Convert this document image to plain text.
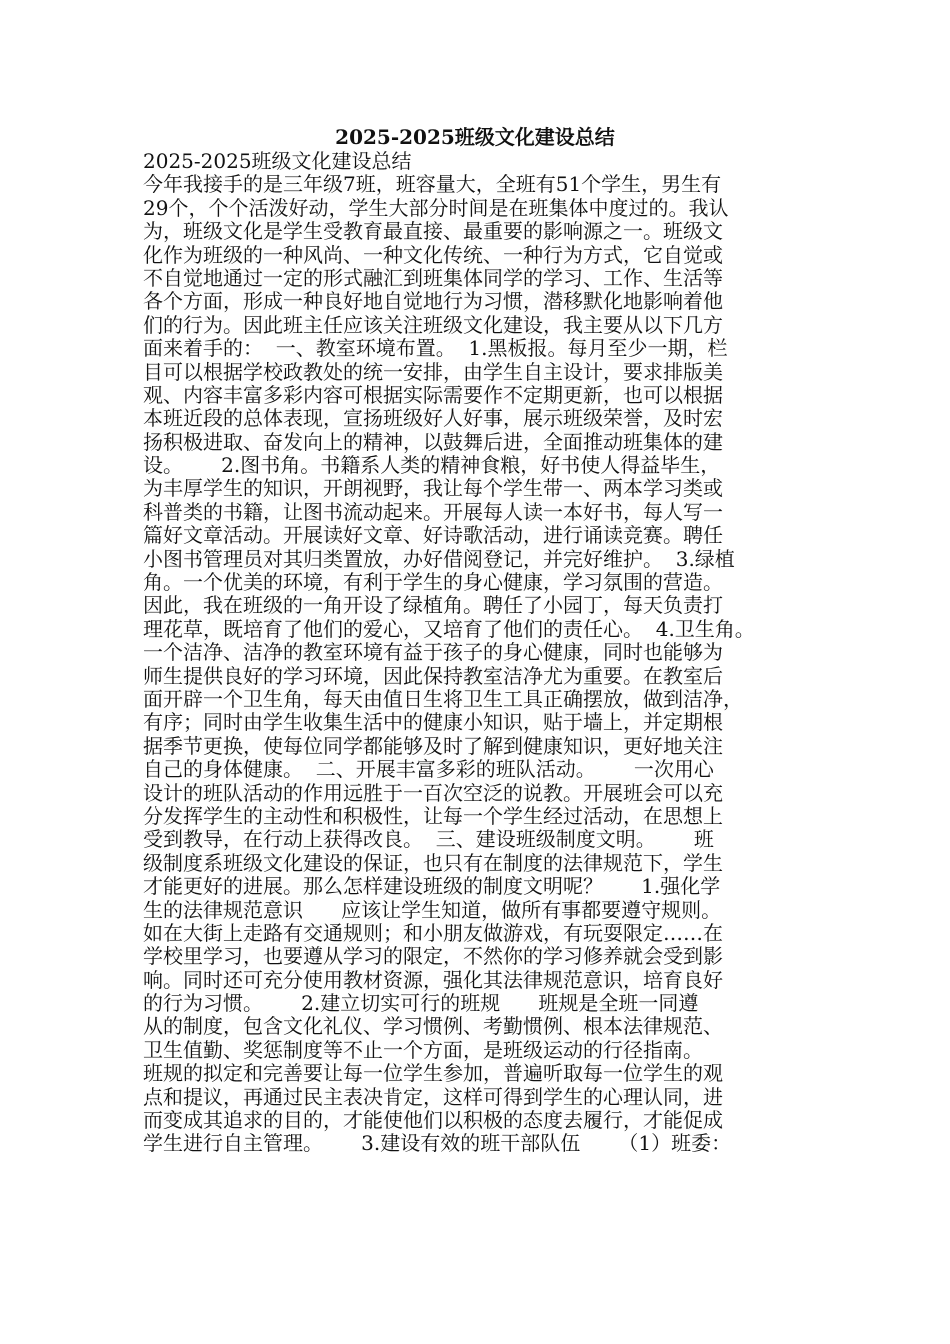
2025-2025班级文化建设总结
2025-2025班级文化建设总结
今年我接手的是三年级7班，班容量大，全班有51个学生，男生有
29个，个个活泼好动，学生大部分时间是在班集体中度过的。我认
为，班级文化是学生受教育最直接、最重要的影响源之一。班级文
化作为班级的一种风尚、一种文化传统、一种行为方式，它自觉或
不自觉地通过一定的形式融汇到班集体同学的学习、工作、生活等
各个方面，形成一种良好地自觉地行为习惯，潜移默化地影响着他
们的行为。因此班主任应该关注班级文化建设，我主要从以下几方
面来着手的：  一、教室环境布置。  1.黑板报。每月至少一期，栏
目可以根据学校政教处的统一安排，由学生自主设计，要求排版美
观、内容丰富多彩内容可根据实际需要作不定期更新，也可以根据
本班近段的总体表现，宣扬班级好人好事，展示班级荣誉，及时宏
扬积极进取、奋发向上的精神，以鼓舞后进，全面推动班集体的建
设。      2.图书角。书籍系人类的精神食粮，好书使人得益毕生，
为丰厚学生的知识，开朗视野，我让每个学生带一、两本学习类或
科普类的书籍，让图书流动起来。开展每人读一本好书，每人写一
篇好文章活动。开展读好文章、好诗歌活动，进行诵读竞赛。聘任
小图书管理员对其归类置放，办好借阅登记，并完好维护。  3.绿植
角。一个优美的环境，有利于学生的身心健康，学习氛围的营造。
因此，我在班级的一角开设了绿植角。聘任了小园丁，每天负责打
理花草，既培育了他们的爱心，又培育了他们的责任心。  4.卫生角。
一个洁净、洁净的教室环境有益于孩子的身心健康，同时也能够为
师生提供良好的学习环境，因此保持教室洁净尤为重要。在教室后
面开辟一个卫生角，每天由值日生将卫生工具正确摆放，做到洁净，
有序；同时由学生收集生活中的健康小知识，贴于墙上，并定期根
据季节更换，使每位同学都能够及时了解到健康知识，更好地关注
自己的身体健康。  二、开展丰富多彩的班队活动。      一次用心
设计的班队活动的作用远胜于一百次空泛的说教。开展班会可以充
分发挥学生的主动性和积极性，让每一个学生经过活动，在思想上
受到教导，在行动上获得改良。  三、建设班级制度文明。      班
级制度系班级文化建设的保证，也只有在制度的法律规范下，学生
才能更好的进展。那么怎样建设班级的制度文明呢？      1.强化学
生的法律规范意识      应该让学生知道，做所有事都要遵守规则。
如在大街上走路有交通规则；和小朋友做游戏，有玩耍限定……在
学校里学习，也要遵从学习的限定，不然你的学习修养就会受到影
响。同时还可充分使用教材资源，强化其法律规范意识，培育良好
的行为习惯。      2.建立切实可行的班规      班规是全班一同遵
从的制度，包含文化礼仪、学习惯例、考勤惯例、根本法律规范、
卫生值勤、奖惩制度等不止一个方面，是班级运动的行径指南。
班规的拟定和完善要让每一位学生参加，普遍听取每一位学生的观
点和提议，再通过民主表决肯定，这样可得到学生的心理认同，进
而变成其追求的目的，才能使他们以积极的态度去履行，才能促成
学生进行自主管理。      3.建设有效的班干部队伍      （1）班委：
